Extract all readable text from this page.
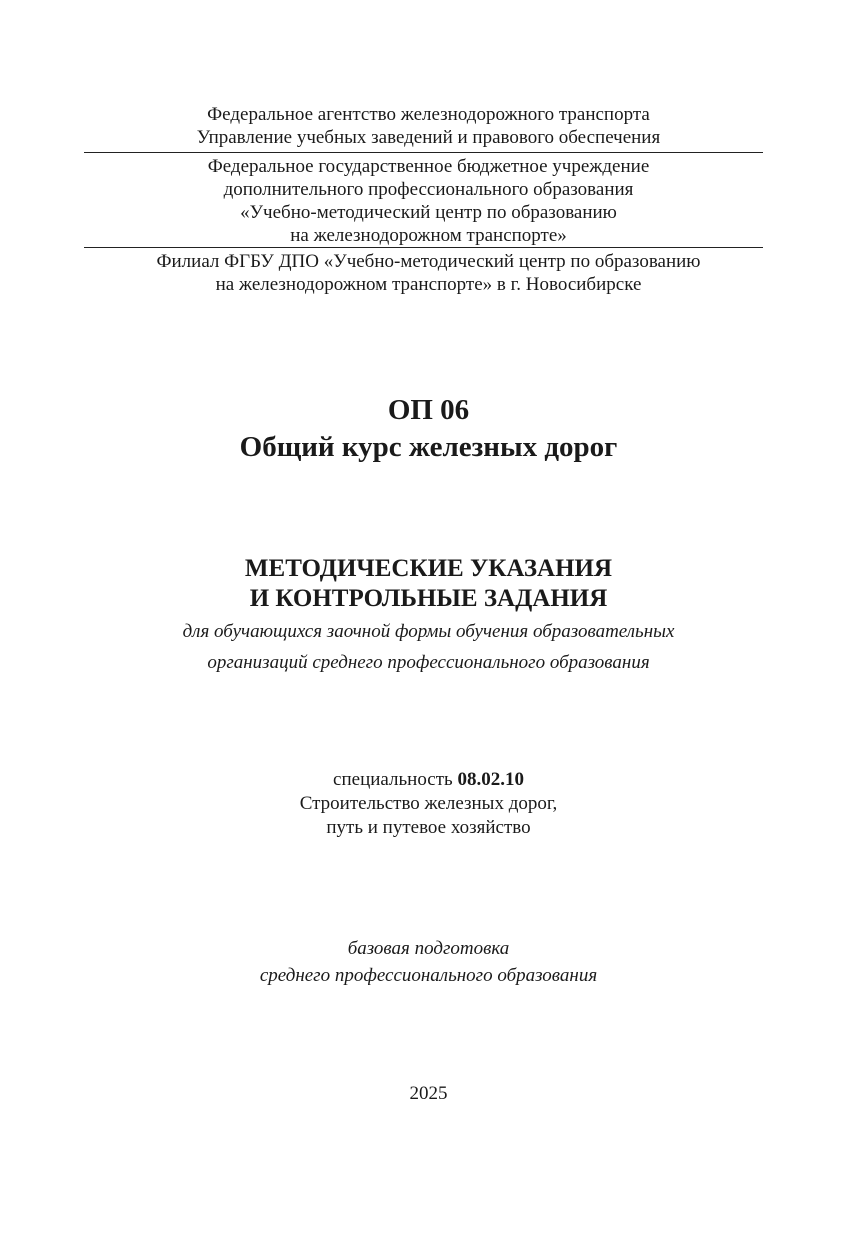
Федеральное агентство железнодорожного транспорта
Управление учебных заведений и правового обеспечения
Федеральное государственное бюджетное учреждение
дополнительного профессионального образования
«Учебно-методический центр по образованию
на железнодорожном транспорте»
Филиал ФГБУ ДПО «Учебно-методический центр по образованию
на железнодорожном транспорте» в г. Новосибирске
ОП 06
Общий курс железных дорог
МЕТОДИЧЕСКИЕ УКАЗАНИЯ
И КОНТРОЛЬНЫЕ ЗАДАНИЯ
для обучающихся заочной формы обучения образовательных
организаций среднего профессионального образования
специальность 08.02.10
Строительство железных дорог,
путь и путевое хозяйство
базовая подготовка
среднего профессионального образования
2025
